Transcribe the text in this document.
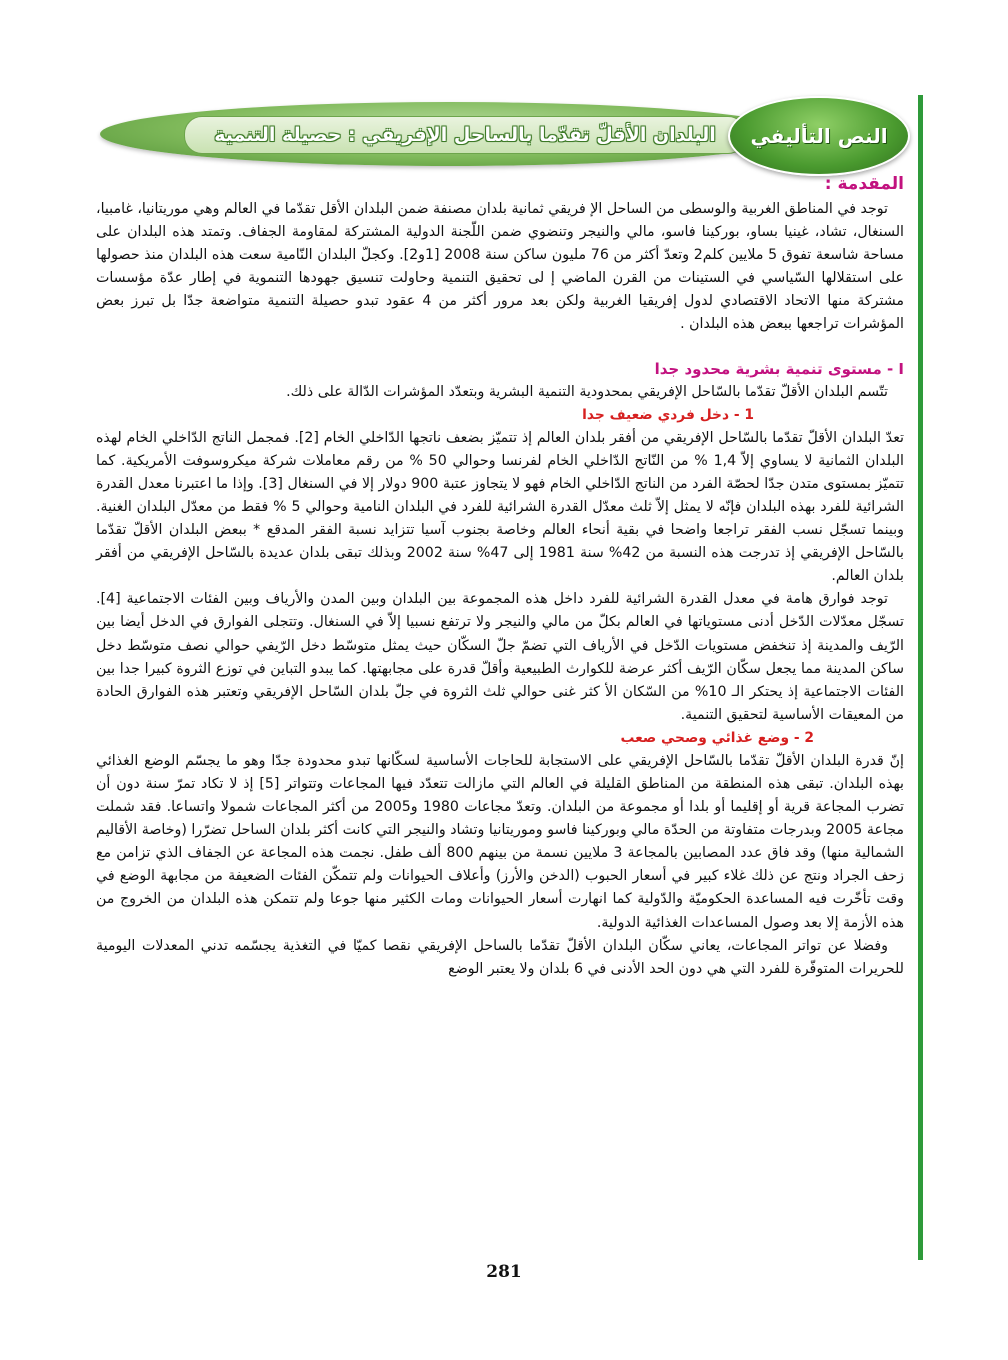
البلدان الأقلّ تقدّما بالساحل الإفريقي : حصيلة التنمية النص التأليفي
المقدمة :

توجد في المناطق الغربية والوسطى من الساحل الإ فريقي ثمانية بلدان مصنفة ضمن البلدان الأقل تقدّما في العالم وهي موريتانيا، غامبيا، السنغال، تشاد، غينيا بساو، بوركينا فاسو، مالي والنيجر وتنضوي ضمن اللّجنة الدولية المشتركة لمقاومة الجفاف. وتمتد هذه البلدان على مساحة شاسعة تفوق 5 ملايين كلم2 وتعدّ أكثر من 76 مليون ساكن سنة 2008 [1و2]. وكجلّ البلدان النّامية سعت هذه البلدان منذ حصولها على استقلالها السّياسي في الستينات من القرن الماضي إ لى تحقيق التنمية وحاولت تنسيق جهودها التنموية في إطار عدّة مؤسسات مشتركة منها الاتحاد الاقتصادي لدول إفريقيا الغربية ولكن بعد مرور أكثر من 4 عقود تبدو حصيلة التنمية متواضعة جدّا بل تبرز بعض المؤشرات تراجعها ببعض هذه البلدان .

I - مستوى تنمية بشرية محدود جدا

تتّسم البلدان الأقلّ تقدّما بالسّاحل الإفريقي بمحدودية التنمية البشرية وبتعدّد المؤشرات الدّالة على ذلك.

1 - دخل فردي ضعيف جدا

تعدّ البلدان الأقلّ تقدّما بالسّاحل الإفريقي من أفقر بلدان العالم إذ تتميّز بضعف ناتجها الدّاخلي الخام [2]. فمجمل الناتج الدّاخلي الخام لهذه البلدان الثمانية لا يساوي إلاّ 1,4 % من النّاتج الدّاخلي الخام لفرنسا وحوالي 50 % من رقم معاملات شركة ميكروسوفت الأمريكية. كما تتميّز بمستوى متدن جدّا لحصّة الفرد من الناتج الدّاخلي الخام فهو لا يتجاوز عتبة 900 دولار إلا في السنغال [3]. وإذا ما اعتبرنا معدل القدرة الشرائية للفرد بهذه البلدان فإنّه لا يمثل إلاّ ثلث معدّل القدرة الشرائية للفرد في البلدان النامية وحوالي 5 % فقط من معدّل البلدان الغنية. وبينما تسجّل نسب الفقر تراجعا واضحا في بقية أنحاء العالم وخاصة بجنوب آسيا تتزايد نسبة الفقر المدقع * ببعض البلدان الأقلّ تقدّما بالسّاحل الإفريقي إذ تدرجت هذه النسبة من 42% سنة 1981 إلى 47% سنة 2002 وبذلك تبقى بلدان عديدة بالسّاحل الإفريقي من أفقر بلدان العالم.

توجد فوارق هامة في معدل القدرة الشرائية للفرد داخل هذه المجموعة بين البلدان وبين المدن والأرياف وبين الفئات الاجتماعية [4]. تسجّل معدّلات الدّخل أدنى مستوياتها في العالم بكلّ من مالي والنيجر ولا ترتفع نسبيا إلاّ في السنغال. وتتجلى الفوارق في الدخل أيضا بين الرّيف والمدينة إذ تنخفض مستويات الدّخل في الأرياف التي تضمّ جلّ السكّان حيث يمثل متوسّط دخل الرّيفي حوالي نصف متوسّط دخل ساكن المدينة مما يجعل سكّان الرّيف أكثر عرضة للكوارث الطبيعية وأقلّ قدرة على مجابهتها. كما يبدو التباين في توزع الثروة كبيرا جدا بين الفئات الاجتماعية إذ يحتكر الـ 10% من السّكان الأ كثر غنى حوالي ثلث الثروة في جلّ بلدان السّاحل الإفريقي وتعتبر هذه الفوارق الحادة من المعيقات الأساسية لتحقيق التنمية.

2 - وضع غذائي وصحي صعب

إنّ قدرة البلدان الأقلّ تقدّما بالسّاحل الإفريقي على الاستجابة للحاجات الأساسية لسكّانها تبدو محدودة جدّا وهو ما يجسّم الوضع الغذائي بهذه البلدان. تبقى هذه المنطقة من المناطق القليلة في العالم التي مازالت تتعدّد فيها المجاعات وتتواتر [5] إذ لا تكاد تمرّ سنة دون أن تضرب المجاعة قرية أو إقليما أو بلدا أو مجموعة من البلدان. وتعدّ مجاعات 1980 و2005 من أكثر المجاعات شمولا واتساعا. فقد شملت مجاعة 2005 وبدرجات متفاوتة من الحدّة مالي وبوركينا فاسو وموريتانيا وتشاد والنيجر التي كانت أكثر بلدان الساحل تضرّرا (وخاصة الأقاليم الشمالية منها) وقد فاق عدد المصابين بالمجاعة 3 ملايين نسمة من بينهم 800 ألف طفل. نجمت هذه المجاعة عن الجفاف الذي تزامن مع زحف الجراد ونتج عن ذلك غلاء كبير في أسعار الحبوب (الدخن والأرز) وأعلاف الحيوانات ولم تتمكّن الفئات الضعيفة من مجابهة الوضع في وقت تأخّرت فيه المساعدة الحكوميّة والدّولية كما انهارت أسعار الحيوانات ومات الكثير منها جوعا ولم تتمكن هذه البلدان من الخروج من هذه الأزمة إلا بعد وصول المساعدات الغذائية الدولية.

وفضلا عن تواتر المجاعات، يعاني سكّان البلدان الأقلّ تقدّما بالساحل الإفريقي نقصا كميّا في التغذية يجسّمه تدني المعدلات اليومية للحريرات المتوفّرة للفرد التي هي دون الحد الأدنى في 6 بلدان ولا يعتبر الوضع

281
